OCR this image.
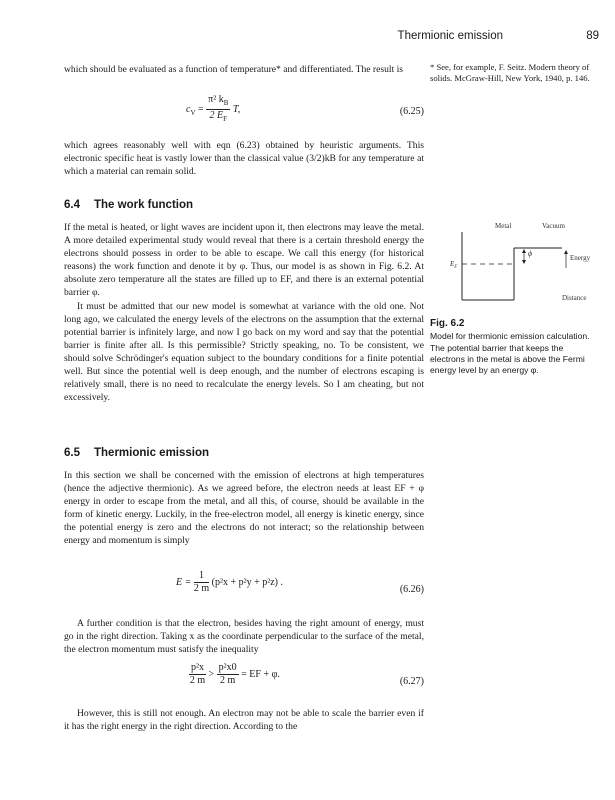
Thermionic emission	89

which should be evaluated as a function of temperature* and differentiated. The result is

$c_V = \frac{\pi^2 k_B}{2 E_F} T$,	(6.25)

which agrees reasonably well with eqn (6.23) obtained by heuristic arguments. This electronic specific heat is vastly lower than the classical value (3/2)kB for any temperature at which a material can remain solid.

* See, for example, F. Seitz. Modern theory of solids. McGraw-Hill, New York, 1940, p. 146.
6.4 The work function

If the metal is heated, or light waves are incident upon it, then electrons may leave the metal. A more detailed experimental study would reveal that there is a certain threshold energy the electrons should possess in order to be able to escape. We call this energy (for historical reasons) the work function and denote it by φ. Thus, our model is as shown in Fig. 6.2. At absolute zero temperature all the states are filled up to EF, and there is an external potential barrier φ.

It must be admitted that our new model is somewhat at variance with the old one. Not long ago, we calculated the energy levels of the electrons on the assumption that the external potential barrier is infinitely large, and now I go back on my word and say that the potential barrier is finite after all. Is this permissible? Strictly speaking, no. To be consistent, we should solve Schrödinger's equation subject to the boundary conditions for a finite potential well. But since the potential well is deep enough, and the number of electrons escaping is relatively small, there is no need to recalculate the energy levels. So I am cheating, but not excessively.

Metal	Vacuum
$E_F$
ϕ	Energy
Distance
Fig. 6.2
Model for thermionic emission calculation. The potential barrier that keeps the electrons in the metal is above the Fermi energy level by an energy φ.
6.5 Thermionic emission

In this section we shall be concerned with the emission of electrons at high temperatures (hence the adjective thermionic). As we agreed before, the electron needs at least EF + φ energy in order to escape from the metal, and all this, of course, should be available in the form of kinetic energy. Luckily, in the free-electron model, all energy is kinetic energy, since the potential energy is zero and the electrons do not interact; so the relationship between energy and momentum is simply

$E = \frac{1}{2 m} (p^2x + p^2y + p^2z)$ .
(6.26)

A further condition is that the electron, besides having the right amount of energy, must go in the right direction. Taking x as the coordinate perpendicular to the surface of the metal, the electron momentum must satisfy the inequality

$\frac{\text{p²x}}{2 m} > \frac{\text{p²x0}}{2 m}$ = EF + φ.
(6.27)

However, this is still not enough. An electron may not be able to scale the barrier even if it has the right energy in the right direction. According to the
